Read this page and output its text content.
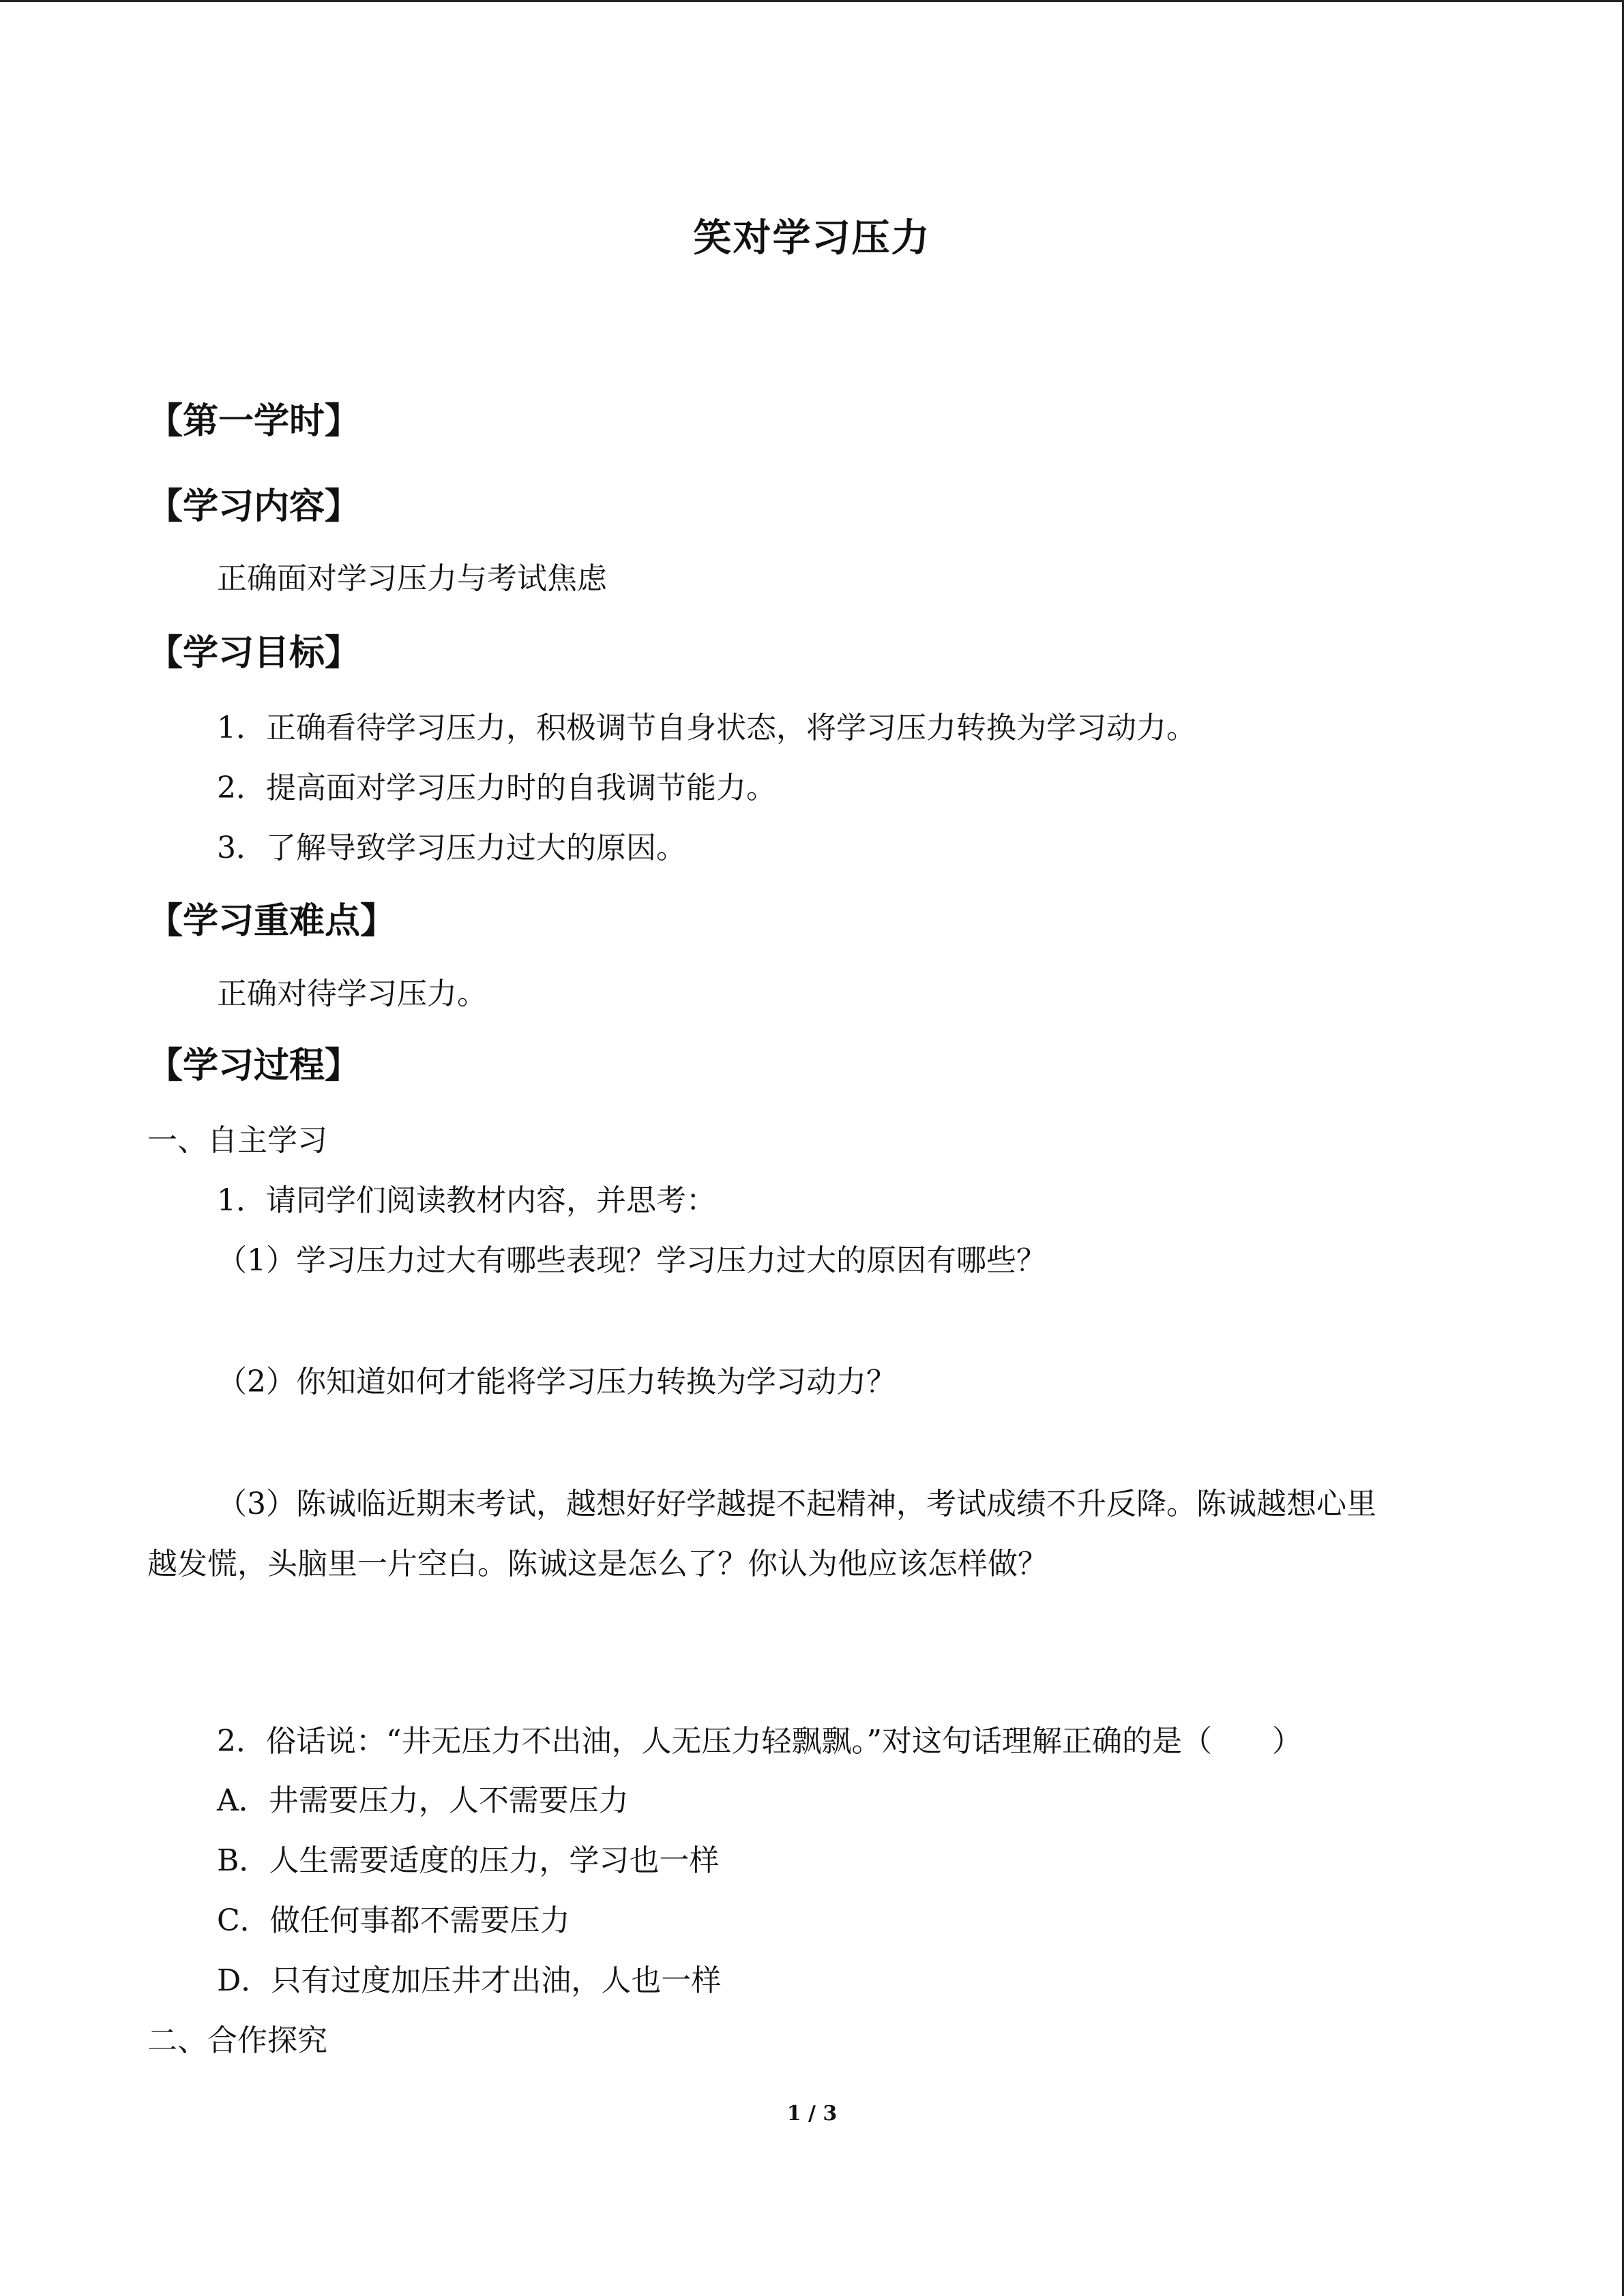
笑对学习压力
【第一学时】
【学习内容】
正确面对学习压力与考试焦虑
【学习目标】
1．正确看待学习压力，积极调节自身状态，将学习压力转换为学习动力。
2．提高面对学习压力时的自我调节能力。
3．了解导致学习压力过大的原因。
【学习重难点】
正确对待学习压力。
【学习过程】
一、自主学习
1．请同学们阅读教材内容，并思考：
（1）学习压力过大有哪些表现？学习压力过大的原因有哪些？
（2）你知道如何才能将学习压力转换为学习动力？
（3）陈诚临近期末考试，越想好好学越提不起精神，考试成绩不升反降。陈诚越想心里
越发慌，头脑里一片空白。陈诚这是怎么了？你认为他应该怎样做？
2．俗话说：“井无压力不出油，人无压力轻飘飘。”对这句话理解正确的是（　　）
A．井需要压力，人不需要压力
B．人生需要适度的压力，学习也一样
C．做任何事都不需要压力
D．只有过度加压井才出油，人也一样
二、合作探究
1 / 3
